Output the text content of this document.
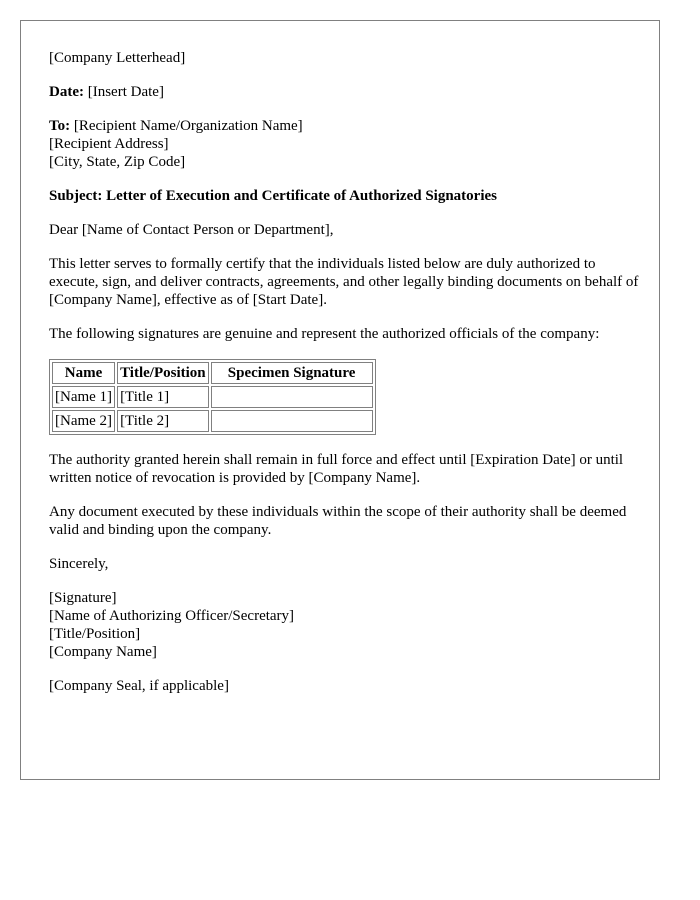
[Company Letterhead]

Date: [Insert Date]

To: [Recipient Name/Organization Name]
[Recipient Address]
[City, State, Zip Code]

Subject: Letter of Execution and Certificate of Authorized Signatories

Dear [Name of Contact Person or Department],

This letter serves to formally certify that the individuals listed below are duly authorized to execute, sign, and deliver contracts, agreements, and other legally binding documents on behalf of [Company Name], effective as of [Start Date].

The following signatures are genuine and represent the authorized officials of the company:

Name	Title/Position	Specimen Signature
[Name 1]	[Title 1]	
[Name 2]	[Title 2]	

The authority granted herein shall remain in full force and effect until [Expiration Date] or until written notice of revocation is provided by [Company Name].

Any document executed by these individuals within the scope of their authority shall be deemed valid and binding upon the company.

Sincerely,

[Signature]
[Name of Authorizing Officer/Secretary]
[Title/Position]
[Company Name]

[Company Seal, if applicable]
